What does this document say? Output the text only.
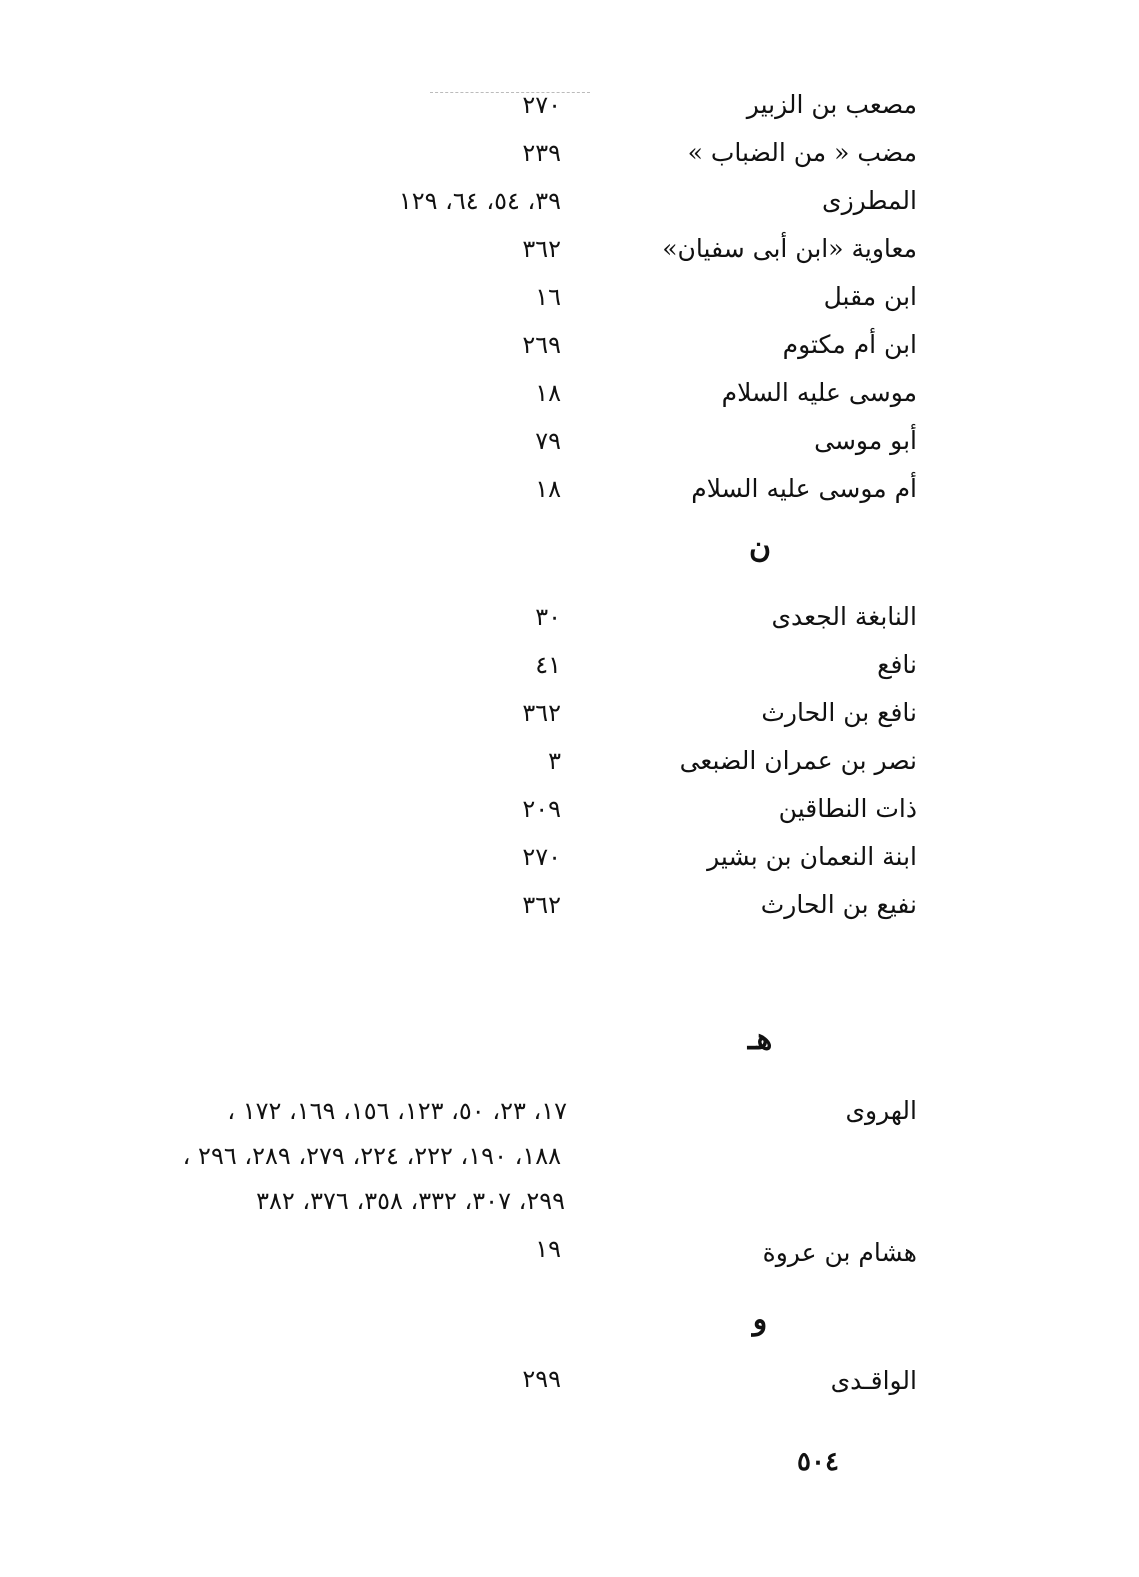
مصعب بن الزبير
٢٧٠
مضب « من الضباب »
٢٣٩
المطرزى
٣٩، ٥٤، ٦٤، ١٢٩
معاوية «ابن أبى سفيان»
٣٦٢
ابن مقبل
١٦
ابن أم مكتوم
٢٦٩
موسى عليه السلام
١٨
أبو موسى
٧٩
أم موسى عليه السلام
١٨
ن
النابغة الجعدى
٣٠
نافع
٤١
نافع بن الحارث
٣٦٢
نصر بن عمران الضبعى
٣
ذات النطاقين
٢٠٩
ابنة النعمان بن بشير
٢٧٠
نفيع بن الحارث
٣٦٢
هـ
الهروى
١٧، ٢٣، ٥٠، ١٢٣، ١٥٦، ١٦٩، ١٧٢ ،
١٨٨، ١٩٠، ٢٢٢، ٢٢٤، ٢٧٩، ٢٨٩، ٢٩٦ ،
٢٩٩، ٣٠٧، ٣٣٢، ٣٥٨، ٣٧٦، ٣٨٢
هشام بن عروة
١٩
و
الواقـدى
٢٩٩
٥٠٤
